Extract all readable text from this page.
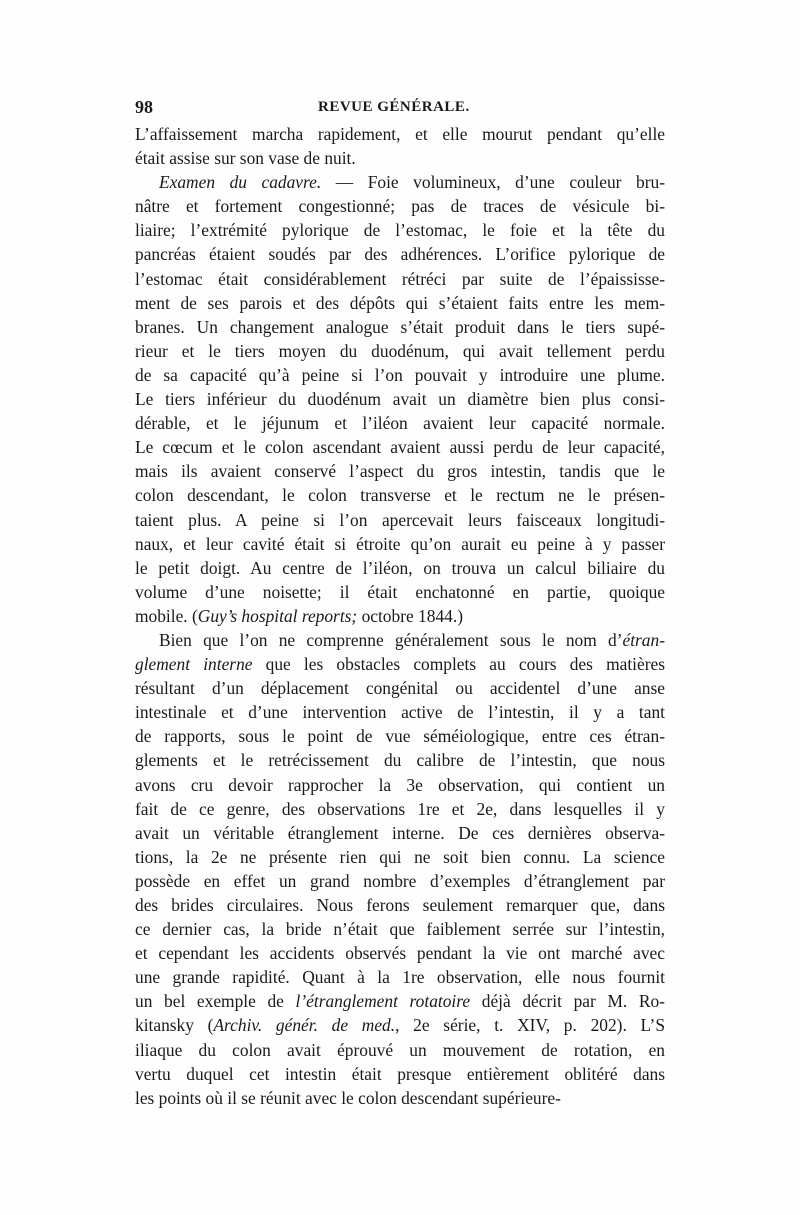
98	REVUE GÉNÉRALE.
L’affaissement marcha rapidement, et elle mourut pendant qu’elle
était assise sur son vase de nuit.
Examen du cadavre. — Foie volumineux, d’une couleur bru-
nâtre et fortement congestionné; pas de traces de vésicule bi-
liaire; l’extrémité pylorique de l’estomac, le foie et la tête du
pancréas étaient soudés par des adhérences. L’orifice pylorique de
l’estomac était considérablement rétréci par suite de l’épaississe-
ment de ses parois et des dépôts qui s’étaient faits entre les mem-
branes. Un changement analogue s’était produit dans le tiers supé-
rieur et le tiers moyen du duodénum, qui avait tellement perdu
de sa capacité qu’à peine si l’on pouvait y introduire une plume.
Le tiers inférieur du duodénum avait un diamètre bien plus consi-
dérable, et le jéjunum et l’iléon avaient leur capacité normale.
Le cœcum et le colon ascendant avaient aussi perdu de leur capacité,
mais ils avaient conservé l’aspect du gros intestin, tandis que le
colon descendant, le colon transverse et le rectum ne le présen-
taient plus. A peine si l’on apercevait leurs faisceaux longitudi-
naux, et leur cavité était si étroite qu’on aurait eu peine à y passer
le petit doigt. Au centre de l’iléon, on trouva un calcul biliaire du
volume d’une noisette; il était enchatonné en partie, quoique
mobile. (Guy’s hospital reports; octobre 1844.)
Bien que l’on ne comprenne généralement sous le nom d’étran-
glement interne que les obstacles complets au cours des matières
résultant d’un déplacement congénital ou accidentel d’une anse
intestinale et d’une intervention active de l’intestin, il y a tant
de rapports, sous le point de vue séméiologique, entre ces étran-
glements et le retrécissement du calibre de l’intestin, que nous
avons cru devoir rapprocher la 3e observation, qui contient un
fait de ce genre, des observations 1re et 2e, dans lesquelles il y
avait un véritable étranglement interne. De ces dernières observa-
tions, la 2e ne présente rien qui ne soit bien connu. La science
possède en effet un grand nombre d’exemples d’étranglement par
des brides circulaires. Nous ferons seulement remarquer que, dans
ce dernier cas, la bride n’était que faiblement serrée sur l’intestin,
et cependant les accidents observés pendant la vie ont marché avec
une grande rapidité. Quant à la 1re observation, elle nous fournit
un bel exemple de l’étranglement rotatoire déjà décrit par M. Ro-
kitansky (Archiv. génér. de med., 2e série, t. XIV, p. 202). L’S
iliaque du colon avait éprouvé un mouvement de rotation, en
vertu duquel cet intestin était presque entièrement oblitéré dans
les points où il se réunit avec le colon descendant supérieure-
